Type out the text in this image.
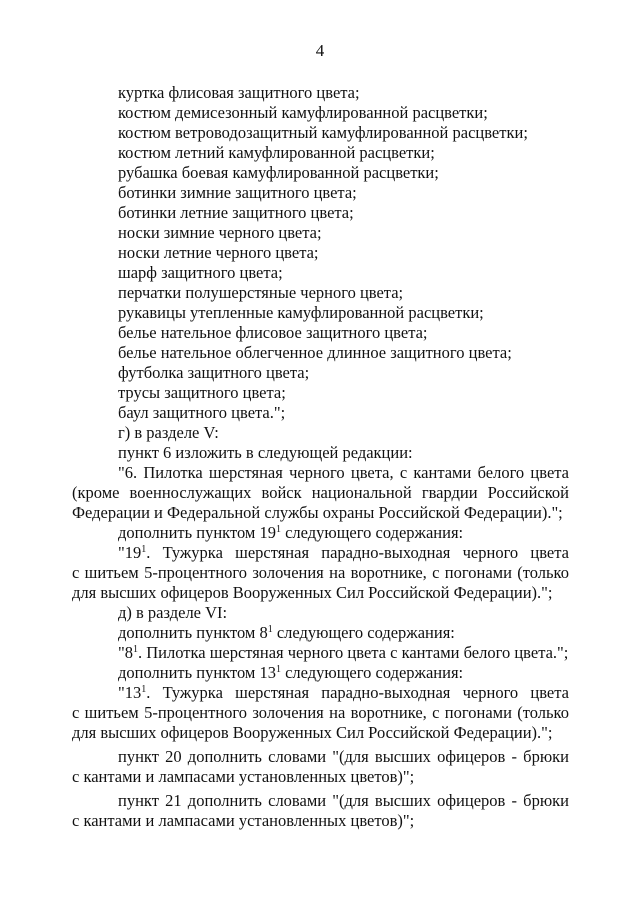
4
куртка флисовая защитного цвета;
костюм демисезонный камуфлированной расцветки;
костюм ветроводозащитный камуфлированной расцветки;
костюм летний камуфлированной расцветки;
рубашка боевая камуфлированной расцветки;
ботинки зимние защитного цвета;
ботинки летние защитного цвета;
носки зимние черного цвета;
носки летние черного цвета;
шарф защитного цвета;
перчатки полушерстяные черного цвета;
рукавицы утепленные камуфлированной расцветки;
белье нательное флисовое защитного цвета;
белье нательное облегченное длинное защитного цвета;
футболка защитного цвета;
трусы защитного цвета;
баул защитного цвета.";
г) в разделе V:
пункт 6 изложить в следующей редакции:
"6. Пилотка шерстяная черного цвета, с кантами белого цвета
(кроме военнослужащих войск национальной гвардии Российской
Федерации и Федеральной службы охраны Российской Федерации).";
дополнить пунктом $19^1$ следующего содержания:
"$19^1$. Тужурка шерстяная парадно-выходная черного цвета
с шитьем 5-процентного золочения на воротнике, с погонами (только
для высших офицеров Вооруженных Сил Российской Федерации).";
д) в разделе VI:
дополнить пунктом $8^1$ следующего содержания:
"$8^1$. Пилотка шерстяная черного цвета с кантами белого цвета.";
дополнить пунктом $13^1$ следующего содержания:
"$13^1$. Тужурка шерстяная парадно-выходная черного цвета
с шитьем 5-процентного золочения на воротнике, с погонами (только
для высших офицеров Вооруженных Сил Российской Федерации).";
пункт 20 дополнить словами "(для высших офицеров - брюки
с кантами и лампасами установленных цветов)";
пункт 21 дополнить словами "(для высших офицеров - брюки
с кантами и лампасами установленных цветов)";
